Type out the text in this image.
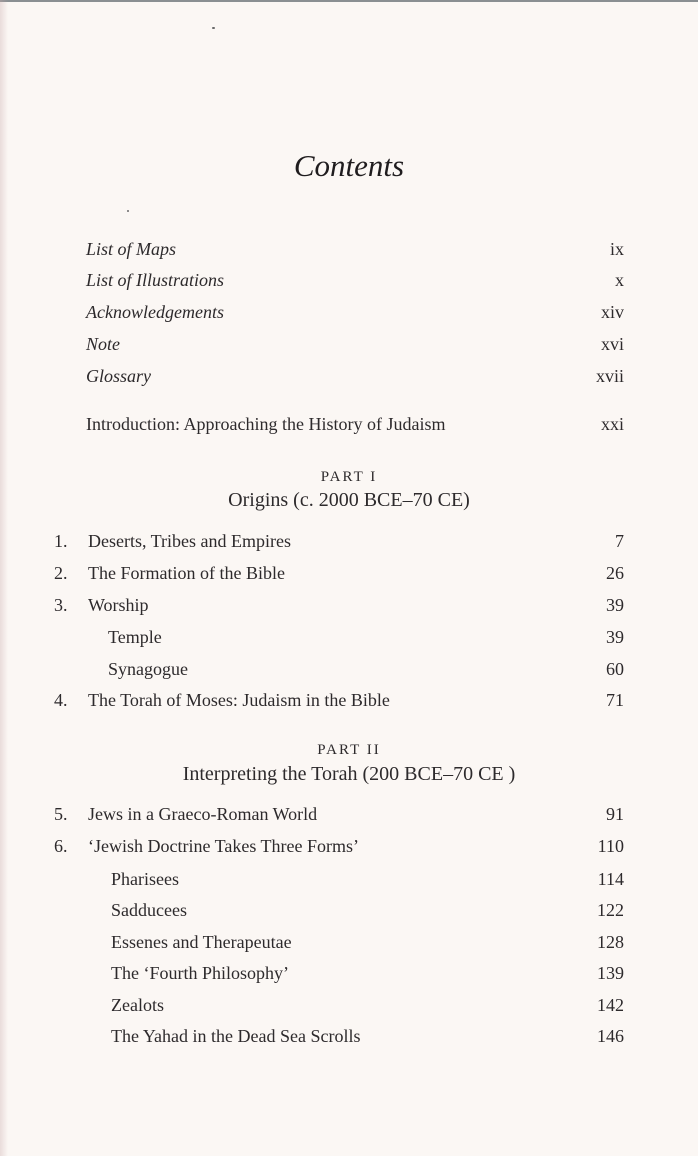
Contents
List of Maps	ix
List of Illustrations	x
Acknowledgements	xiv
Note	xvi
Glossary	xvii
Introduction: Approaching the History of Judaism	xxi
PART I
Origins (c. 2000 BCE–70 CE)
1.	Deserts, Tribes and Empires	7
2.	The Formation of the Bible	26
3.	Worship	39
Temple	39
Synagogue	60
4.	The Torah of Moses: Judaism in the Bible	71
PART II
Interpreting the Torah (200 BCE–70 CE )
5.	Jews in a Graeco-Roman World	91
6.	‘Jewish Doctrine Takes Three Forms’	110
Pharisees	114
Sadducees	122
Essenes and Therapeutae	128
The ‘Fourth Philosophy’	139
Zealots	142
The Yahad in the Dead Sea Scrolls	146
